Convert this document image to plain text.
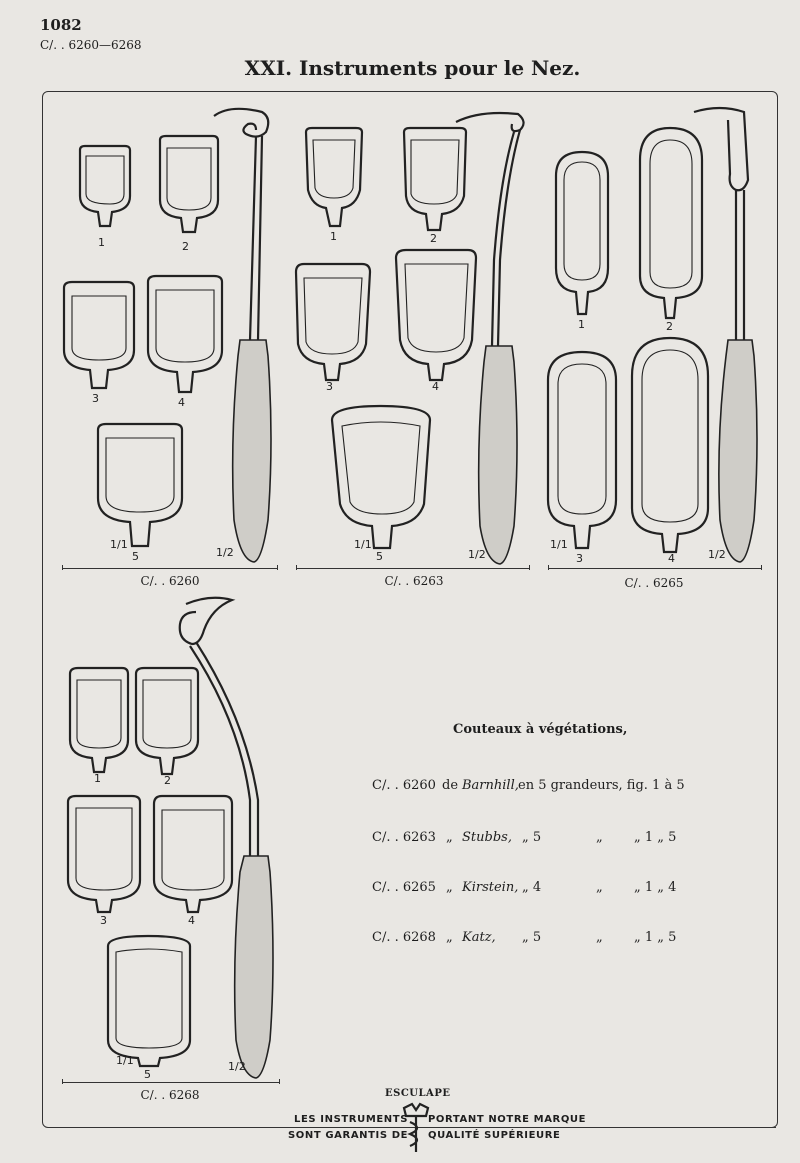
1082
C/. . 6260—6268
XXI. Instruments pour le Nez.
1	2
3	4
5
1/1
1/2
1	2
3	4
5
1/1
1/2
1	2
3	4
1/1
1/2
1	2
3	4
5
1/1	1/2
C/. . 6260	C/. . 6263	C/. . 6265
C/. . 6268
Couteaux à végétations,
C/. . 6260 de Barnhill, en 5 grandeurs, fig. 1 à 5
C/. . 6263 „ Stubbs, „ 5	„ „ 1 „ 5
C/. . 6265 „ Kirstein, „ 4	„ „ 1 „ 4
C/. . 6268 „ Katz, „ 5	„ „ 1 „ 5
ESCULAPE
LES INSTRUMENTS
SONT GARANTIS DE
PORTANT NOTRE MARQUE
QUALITÉ SUPÉRIEURE
